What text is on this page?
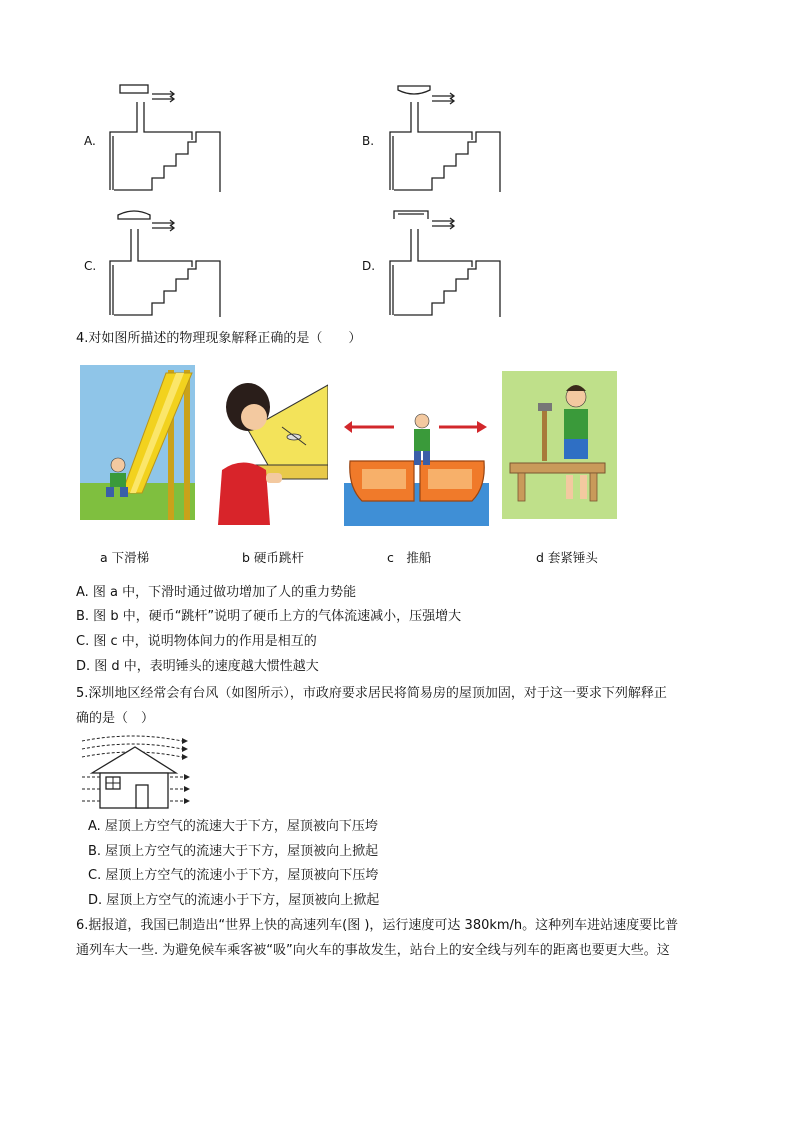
A.	B.
C.	D.
4.对如图所描述的物理现象解释正确的是（　　）
a 下滑梯	b 硬币跳杆	c　推船	d 套紧锤头
A. 图 a 中，下滑时通过做功增加了人的重力势能
B. 图 b 中，硬币“跳杆”说明了硬币上方的气体流速减小，压强增大
C. 图 c 中，说明物体间力的作用是相互的
D. 图 d 中，表明锤头的速度越大惯性越大
5.深圳地区经常会有台风（如图所示），市政府要求居民将简易房的屋顶加固，对于这一要求下列解释正
确的是（　）
A. 屋顶上方空气的流速大于下方，屋顶被向下压垮
B. 屋顶上方空气的流速大于下方，屋顶被向上掀起
C. 屋顶上方空气的流速小于下方，屋顶被向下压垮
D. 屋顶上方空气的流速小于下方，屋顶被向上掀起
6.据报道，我国已制造出“世界上快的高速列车(图 )，运行速度可达 380km/h。这种列车进站速度要比普
通列车大一些. 为避免候车乘客被“吸”向火车的事故发生，站台上的安全线与列车的距离也要更大些。这
